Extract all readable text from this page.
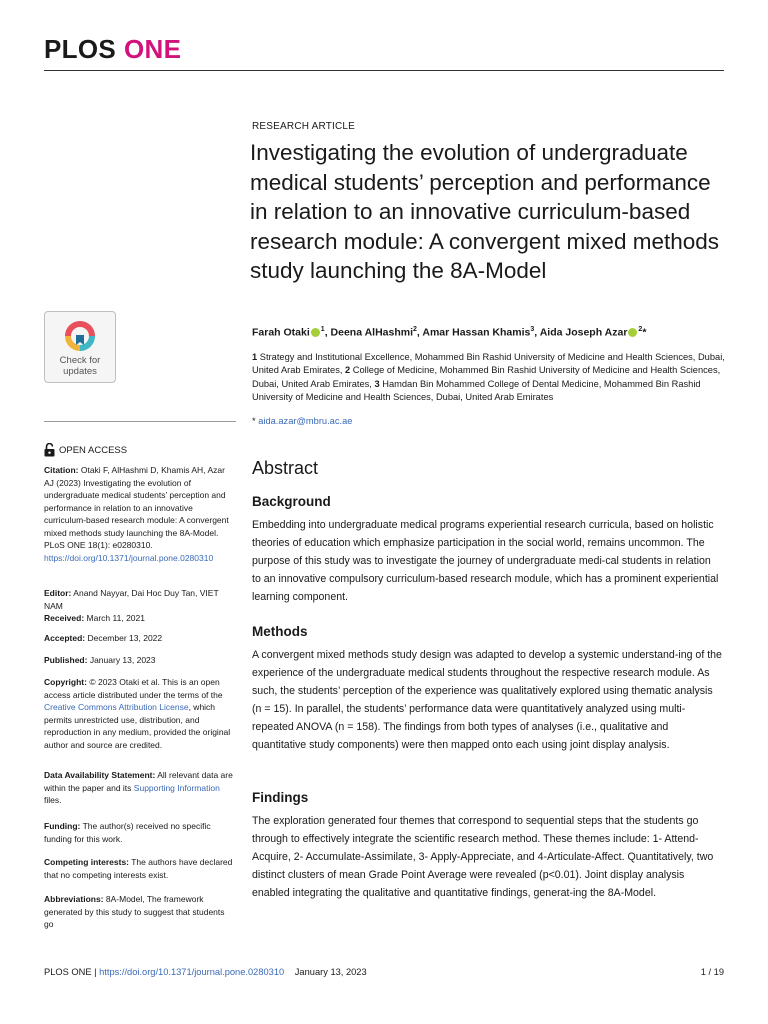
PLOS ONE
Check for
updates
RESEARCH ARTICLE
Investigating the evolution of undergraduate medical students’ perception and performance in relation to an innovative curriculum-based research module: A convergent mixed methods study launching the 8A-Model
Farah Otaki $^1$, Deena AlHashmi$^2$, Amar Hassan Khamis$^3$, Aida Joseph Azar $^2$*
1 Strategy and Institutional Excellence, Mohammed Bin Rashid University of Medicine and Health Sciences, Dubai, United Arab Emirates, 2 College of Medicine, Mohammed Bin Rashid University of Medicine and Health Sciences, Dubai, United Arab Emirates, 3 Hamdan Bin Mohammed College of Dental Medicine, Mohammed Bin Rashid University of Medicine and Health Sciences, Dubai, United Arab Emirates
* aida.azar@mbru.ac.ae
OPEN ACCESS
Citation: Otaki F, AlHashmi D, Khamis AH, Azar AJ (2023) Investigating the evolution of undergraduate medical students’ perception and performance in relation to an innovative curriculum-based research module: A convergent mixed methods study launching the 8A-Model. PLoS ONE 18(1): e0280310. https://doi.org/10.1371/journal.pone.0280310
Editor: Anand Nayyar, Dai Hoc Duy Tan, VIET NAM
Received: March 11, 2021
Accepted: December 13, 2022
Published: January 13, 2023
Copyright: © 2023 Otaki et al. This is an open access article distributed under the terms of the Creative Commons Attribution License, which permits unrestricted use, distribution, and reproduction in any medium, provided the original author and source are credited.
Data Availability Statement: All relevant data are within the paper and its Supporting Information files.
Funding: The author(s) received no specific funding for this work.
Competing interests: The authors have declared that no competing interests exist.
Abbreviations: 8A-Model, The framework generated by this study to suggest that students go
Abstract
Background
Embedding into undergraduate medical programs experiential research curricula, based on holistic theories of education which emphasize participation in the social world, remains uncommon. The purpose of this study was to investigate the journey of undergraduate medi-cal students in relation to an innovative compulsory curriculum-based research module, which has a prominent experiential learning component.
Methods
A convergent mixed methods study design was adapted to develop a systemic understand-ing of the experience of the undergraduate medical students throughout the respective research module. As such, the students’ perception of the experience was qualitatively explored using thematic analysis (n = 15). In parallel, the students’ performance data were quantitatively analyzed using multi-repeated ANOVA (n = 158). The findings from both types of analyses (i.e., qualitative and quantitative study components) were then mapped onto each using joint display analysis.
Findings
The exploration generated four themes that correspond to sequential steps that the students go through to effectively integrate the scientific research method. These themes include: 1- Attend-Acquire, 2- Accumulate-Assimilate, 3- Apply-Appreciate, and 4-Articulate-Affect. Quantitatively, two distinct clusters of mean Grade Point Average were revealed (p<0.01). Joint display analysis enabled integrating the qualitative and quantitative findings, generat-ing the 8A-Model.
PLOS ONE | https://doi.org/10.1371/journal.pone.0280310 January 13, 2023	1 / 19
